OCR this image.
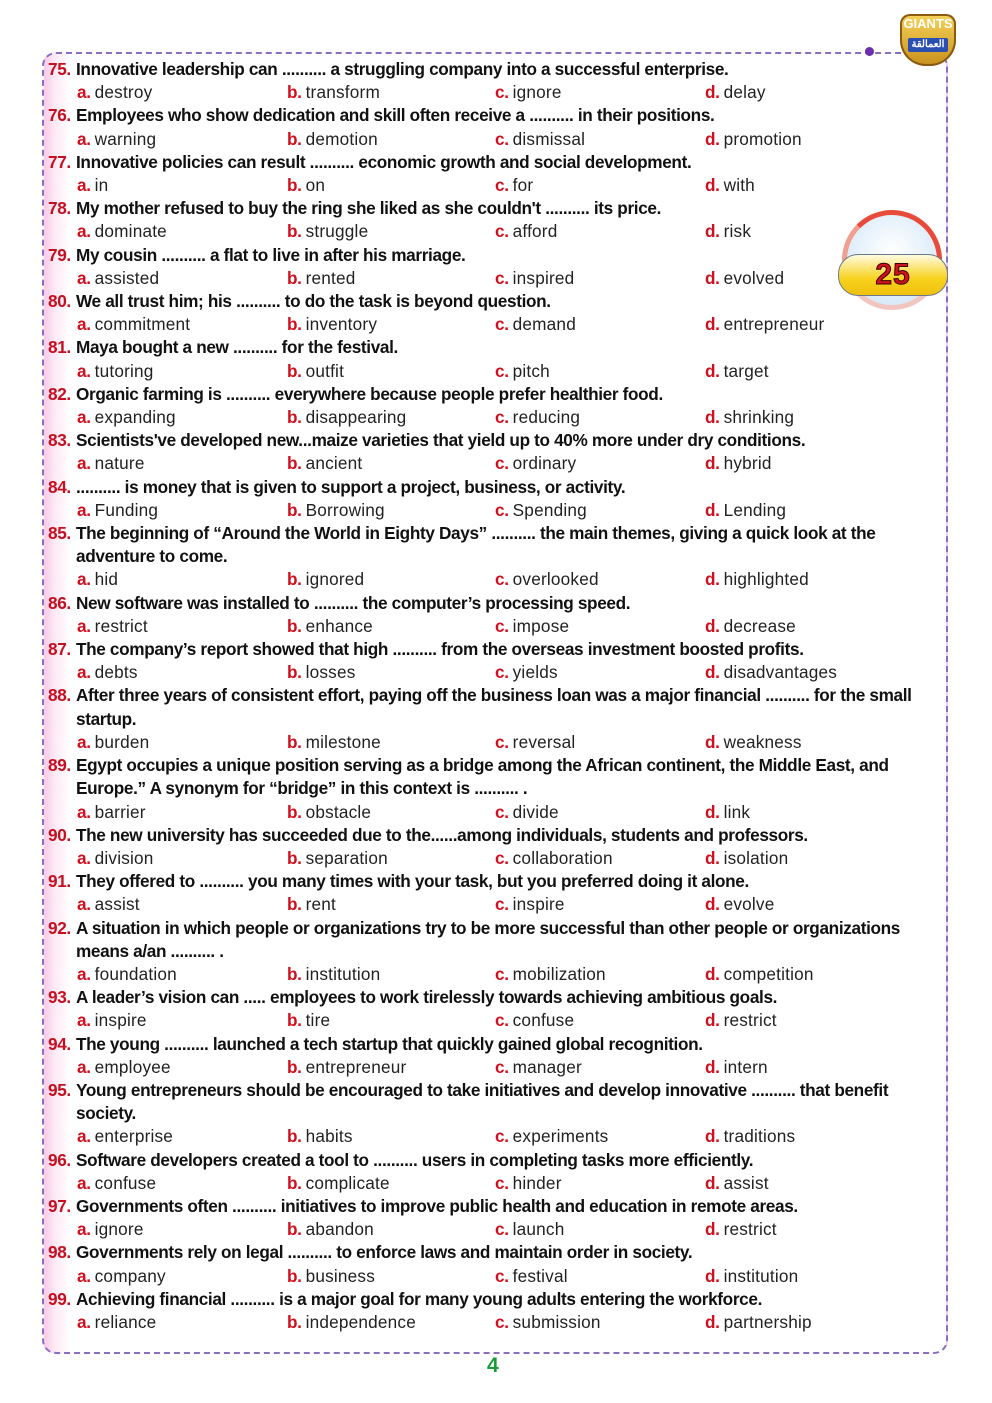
GIANTS
العمالقة
25
75. Innovative leadership can .......... a struggling company into a successful enterprise.
a. destroy	b. transform	c. ignore	d. delay
76. Employees who show dedication and skill often receive a .......... in their positions.
a. warning	b. demotion	c. dismissal	d. promotion
77. Innovative policies can result .......... economic growth and social development.
a. in	b. on	c. for	d. with
78. My mother refused to buy the ring she liked as she couldn't .......... its price.
a. dominate	b. struggle	c. afford	d. risk
79. My cousin .......... a flat to live in after his marriage.
a. assisted	b. rented	c. inspired	d. evolved
80. We all trust him; his .......... to do the task is beyond question.
a. commitment	b. inventory	c. demand	d. entrepreneur
81. Maya bought a new .......... for the festival.
a. tutoring	b. outfit	c. pitch	d. target
82. Organic farming is .......... everywhere because people prefer healthier food.
a. expanding	b. disappearing	c. reducing	d. shrinking
83. Scientists've developed new...maize varieties that yield up to 40% more under dry conditions.
a. nature	b. ancient	c. ordinary	d. hybrid
84. .......... is money that is given to support a project, business, or activity.
a. Funding	b. Borrowing	c. Spending	d. Lending
85. The beginning of “Around the World in Eighty Days” .......... the main themes, giving a quick look at the adventure to come.
a. hid	b. ignored	c. overlooked	d. highlighted
86. New software was installed to .......... the computer’s processing speed.
a. restrict	b. enhance	c. impose	d. decrease
87. The company’s report showed that high .......... from the overseas investment boosted profits.
a. debts	b. losses	c. yields	d. disadvantages
88. After three years of consistent effort, paying off the business loan was a major financial .......... for the small startup.
a. burden	b. milestone	c. reversal	d. weakness
89. Egypt occupies a unique position serving as a bridge among the African continent, the Middle East, and Europe.” A synonym for “bridge” in this context is .......... .
a. barrier	b. obstacle	c. divide	d. link
90. The new university has succeeded due to the......among individuals, students and professors.
a. division	b. separation	c. collaboration	d. isolation
91. They offered to .......... you many times with your task, but you preferred doing it alone.
a. assist	b. rent	c. inspire	d. evolve
92. A situation in which people or organizations try to be more successful than other people or organizations means a/an .......... .
a. foundation	b. institution	c. mobilization	d. competition
93. A leader’s vision can ..... employees to work tirelessly towards achieving ambitious goals.
a. inspire	b. tire	c. confuse	d. restrict
94. The young .......... launched a tech startup that quickly gained global recognition.
a. employee	b. entrepreneur	c. manager	d. intern
95. Young entrepreneurs should be encouraged to take initiatives and develop innovative .......... that benefit society.
a. enterprise	b. habits	c. experiments	d. traditions
96. Software developers created a tool to .......... users in completing tasks more efficiently.
a. confuse	b. complicate	c. hinder	d. assist
97. Governments often .......... initiatives to improve public health and education in remote areas.
a. ignore	b. abandon	c. launch	d. restrict
98. Governments rely on legal .......... to enforce laws and maintain order in society.
a. company	b. business	c. festival	d. institution
99. Achieving financial .......... is a major goal for many young adults entering the workforce.
a. reliance	b. independence	c. submission	d. partnership
4
